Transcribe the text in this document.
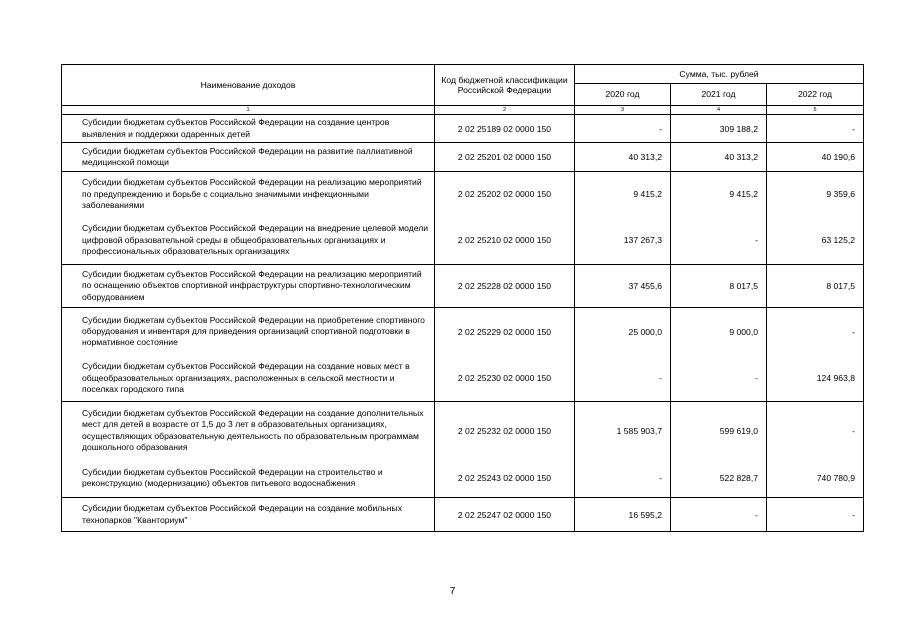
Наименование доходов	Код бюджетной классификации Российской Федерации	Сумма, тыс. рублей		
		2020 год	2021 год	2022 год
1	2	3	4	5
Субсидии бюджетам субъектов Российской Федерации на создание центров выявления и поддержки одаренных детей	2 02 25189 02 0000 150	-	309 188,2	-
Субсидии бюджетам субъектов Российской Федерации на развитие паллиативной медицинской помощи	2 02 25201 02 0000 150	40 313,2	40 313,2	40 190,6
Субсидии бюджетам субъектов Российской Федерации на реализацию мероприятий по предупреждению и борьбе с социально значимыми инфекционными заболеваниями	2 02 25202 02 0000 150	9 415,2	9 415,2	9 359,6
Субсидии бюджетам субъектов Российской Федерации на внедрение целевой модели цифровой образовательной среды в общеобразовательных организациях и профессиональных образовательных организациях	2 02 25210 02 0000 150	137 267,3	-	63 125,2
Субсидии бюджетам субъектов Российской Федерации на реализацию мероприятий по оснащению объектов спортивной инфраструктуры спортивно-технологическим оборудованием	2 02 25228 02 0000 150	37 455,6	8 017,5	8 017,5
Субсидии бюджетам субъектов Российской Федерации на приобретение спортивного оборудования и инвентаря для приведения организаций спортивной подготовки в нормативное состояние	2 02 25229 02 0000 150	25 000,0	9 000,0	-
Субсидии бюджетам субъектов Российской Федерации на создание новых мест в общеобразовательных организациях, расположенных в сельской местности и поселках городского типа	2 02 25230 02 0000 150	-	-	124 963,8
Субсидии бюджетам субъектов Российской Федерации на создание дополнительных мест для детей в возрасте от 1,5 до 3 лет в образовательных организациях, осуществляющих образовательную деятельность по образовательным программам дошкольного образования	2 02 25232 02 0000 150	1 585 903,7	599 619,0	-
Субсидии бюджетам субъектов Российской Федерации на строительство и реконструкцию (модернизацию) объектов питьевого водоснабжения	2 02 25243 02 0000 150	-	522 828,7	740 780,9
Субсидии бюджетам субъектов Российской Федерации на создание мобильных технопарков "Кванториум"	2 02 25247 02 0000 150	16 595,2	-	-
7
